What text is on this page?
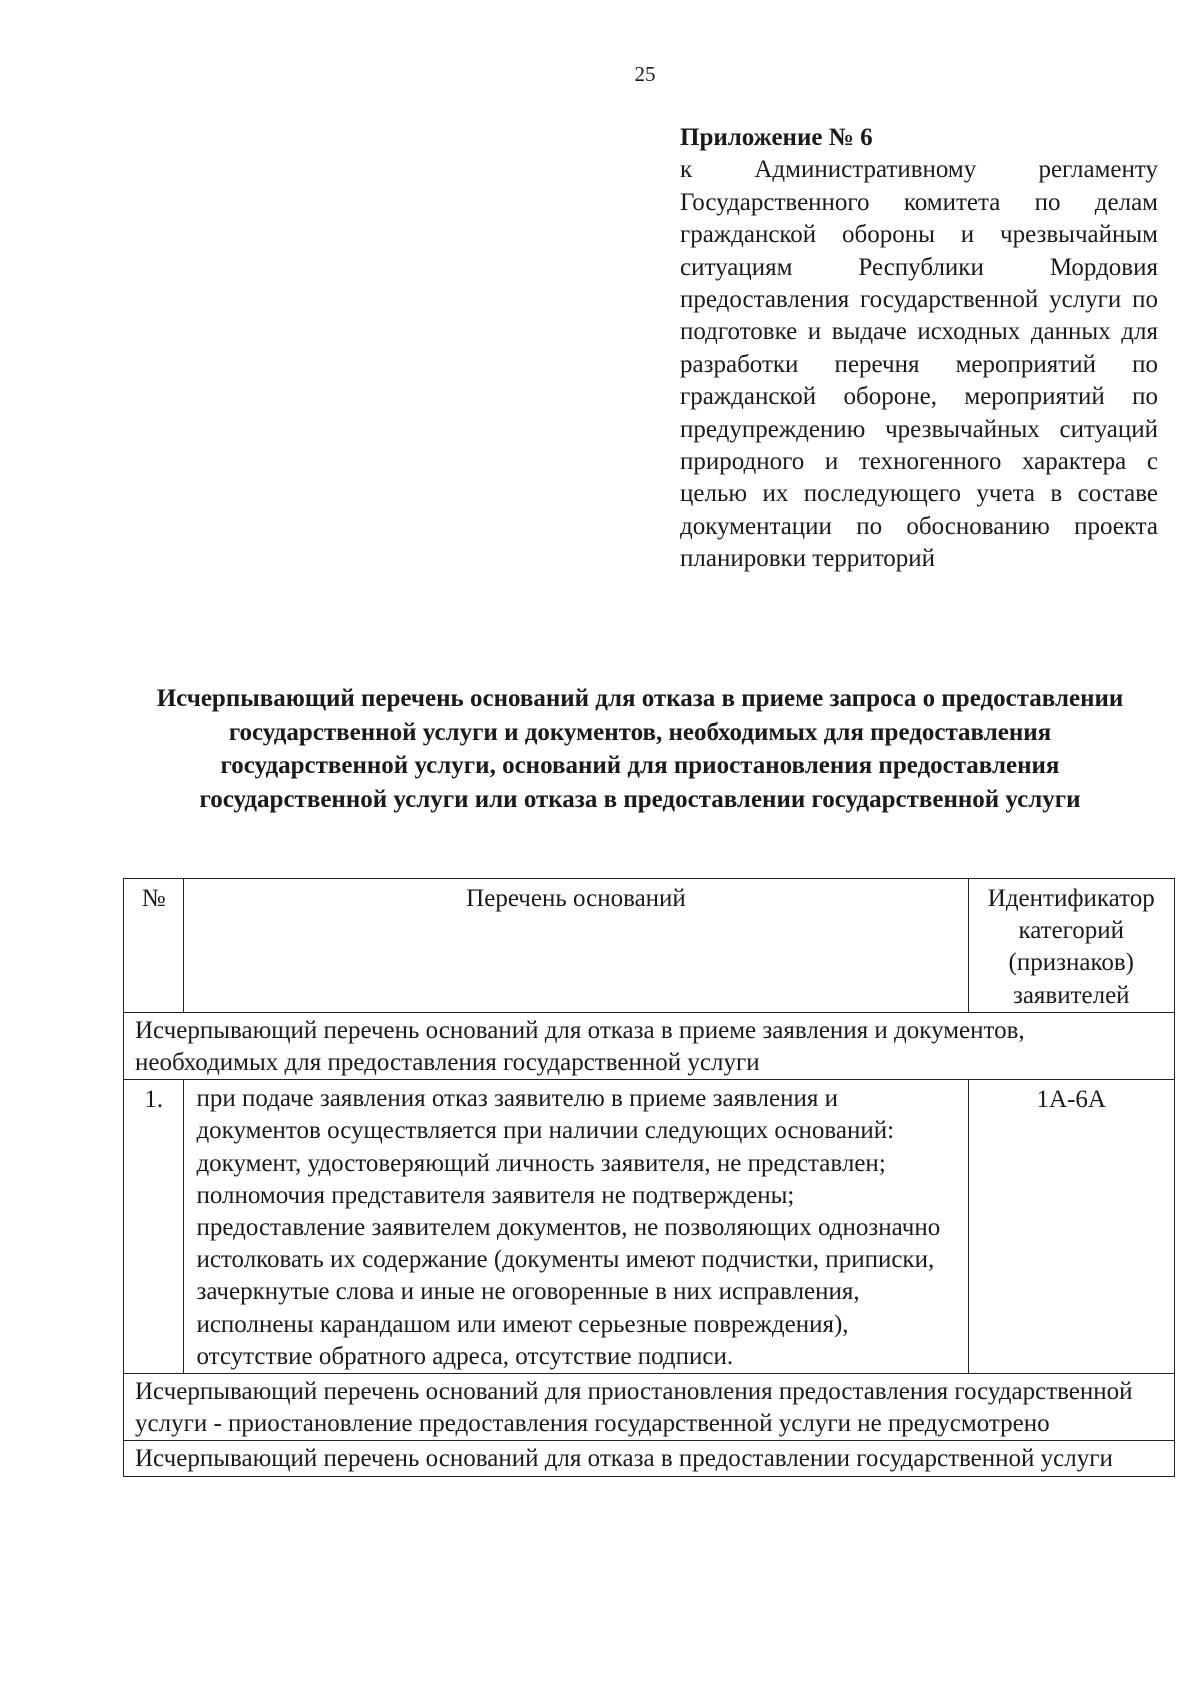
25
Приложение № 6
к Административному регламенту Государственного комитета по делам гражданской обороны и чрезвычайным ситуациям Республики Мордовия предоставления государственной услуги по подготовке и выдаче исходных данных для разработки перечня мероприятий по гражданской обороне, мероприятий по предупреждению чрезвычайных ситуаций природного и техногенного характера с целью их последующего учета в составе документации по обоснованию проекта планировки территорий
Исчерпывающий перечень оснований для отказа в приеме запроса о предоставлении государственной услуги и документов, необходимых для предоставления государственной услуги, оснований для приостановления предоставления государственной услуги или отказа в предоставлении государственной услуги
№	Перечень оснований	Идентификатор категорий (признаков) заявителей
Исчерпывающий перечень оснований для отказа в приеме заявления и документов, необходимых для предоставления государственной услуги		
1.	при подаче заявления отказ заявителю в приеме заявления и документов осуществляется при наличии следующих оснований: документ, удостоверяющий личность заявителя, не представлен; полномочия представителя заявителя не подтверждены; предоставление заявителем документов, не позволяющих однозначно истолковать их содержание (документы имеют подчистки, приписки, зачеркнутые слова и иные не оговоренные в них исправления, исполнены карандашом или имеют серьезные повреждения), отсутствие обратного адреса, отсутствие подписи.	1А-6А
Исчерпывающий перечень оснований для приостановления предоставления государственной услуги - приостановление предоставления государственной услуги не предусмотрено		
Исчерпывающий перечень оснований для отказа в предоставлении государственной услуги		
